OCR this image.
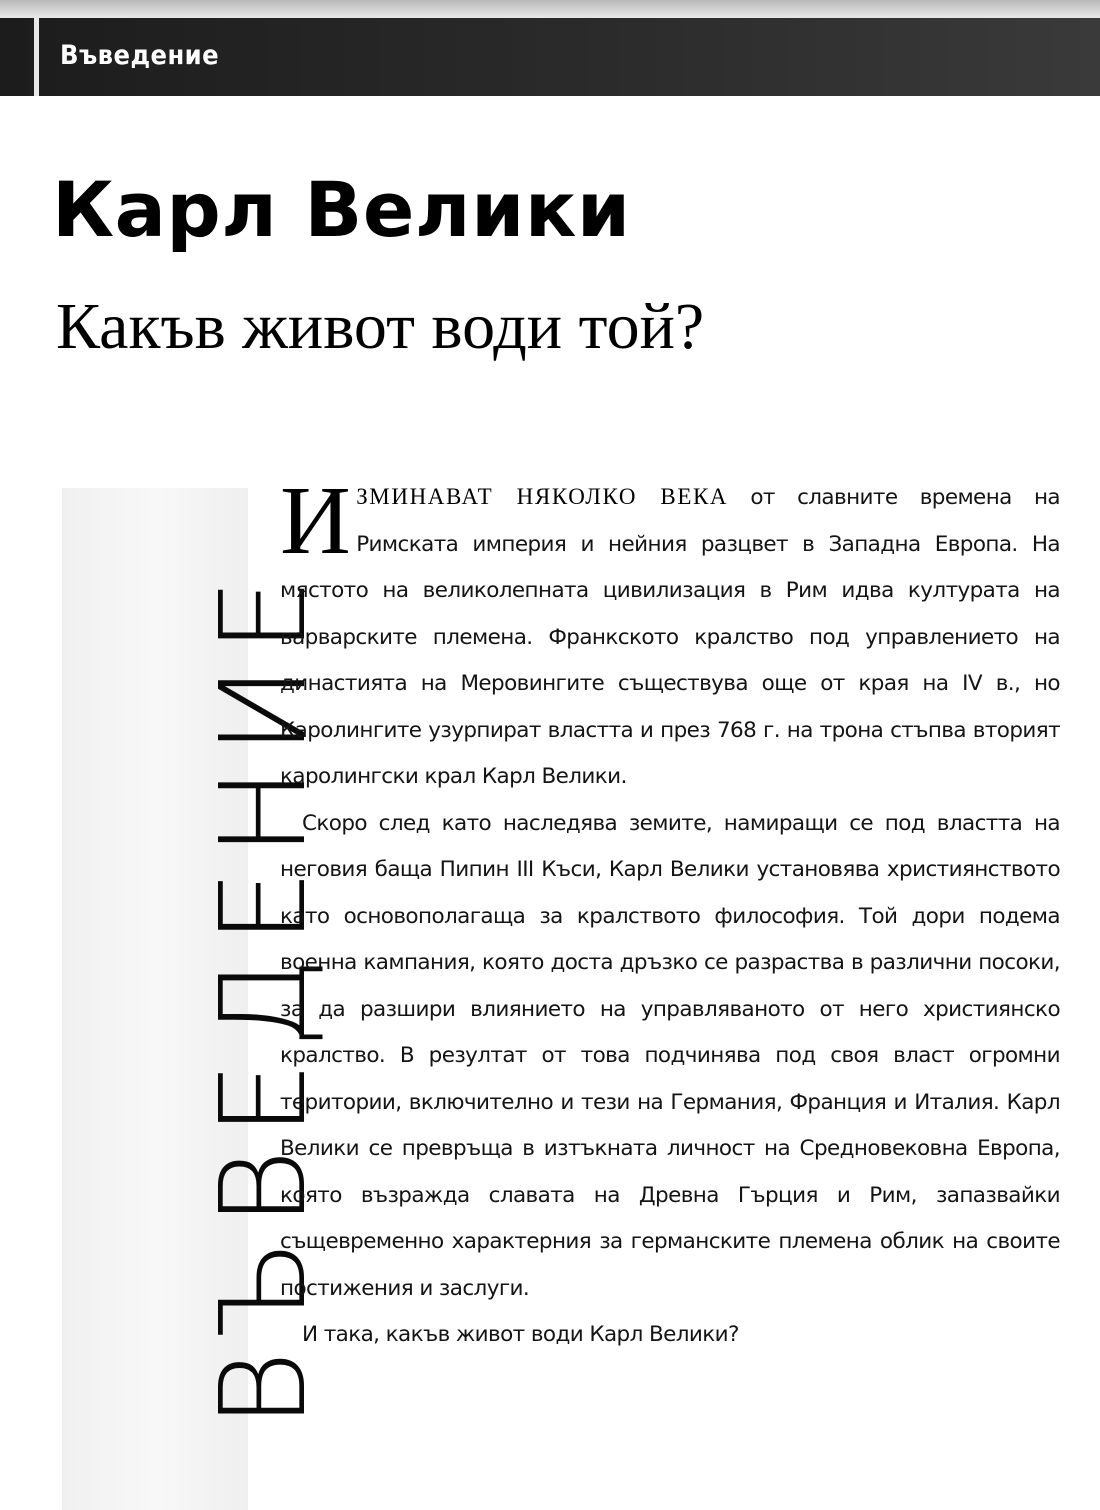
Въведение
Карл Велики
Какъв живот води той?
ВЪВЕДЕНИЕ

ИЗМИНАВАТ НЯКОЛКО ВЕКА от славните времена на Римската империя и нейния разцвет в Западна Европа. На мястото на великолепната цивилизация в Рим идва културата на варварските племена. Франкското кралство под управлението на династията на Меровингите съществува още от края на IV в., но Каролингите узурпират властта и през 768 г. на трона стъпва вторият каролингски крал Карл Велики.

Скоро след като наследява земите, намиращи се под властта на неговия баща Пипин III Къси, Карл Велики установява християнството като основополагаща за кралството философия. Той дори подема военна кампания, която доста дръзко се разраства в различни посоки, за да разшири влиянието на управляваното от него християнско кралство. В резултат от това подчинява под своя власт огромни територии, включително и тези на Германия, Франция и Италия. Карл Велики се превръща в изтъкната личност на Средновековна Европа, която възражда славата на Древна Гърция и Рим, запазвайки същевременно характерния за германските племена облик на своите постижения и заслуги.

И така, какъв живот води Карл Велики?
